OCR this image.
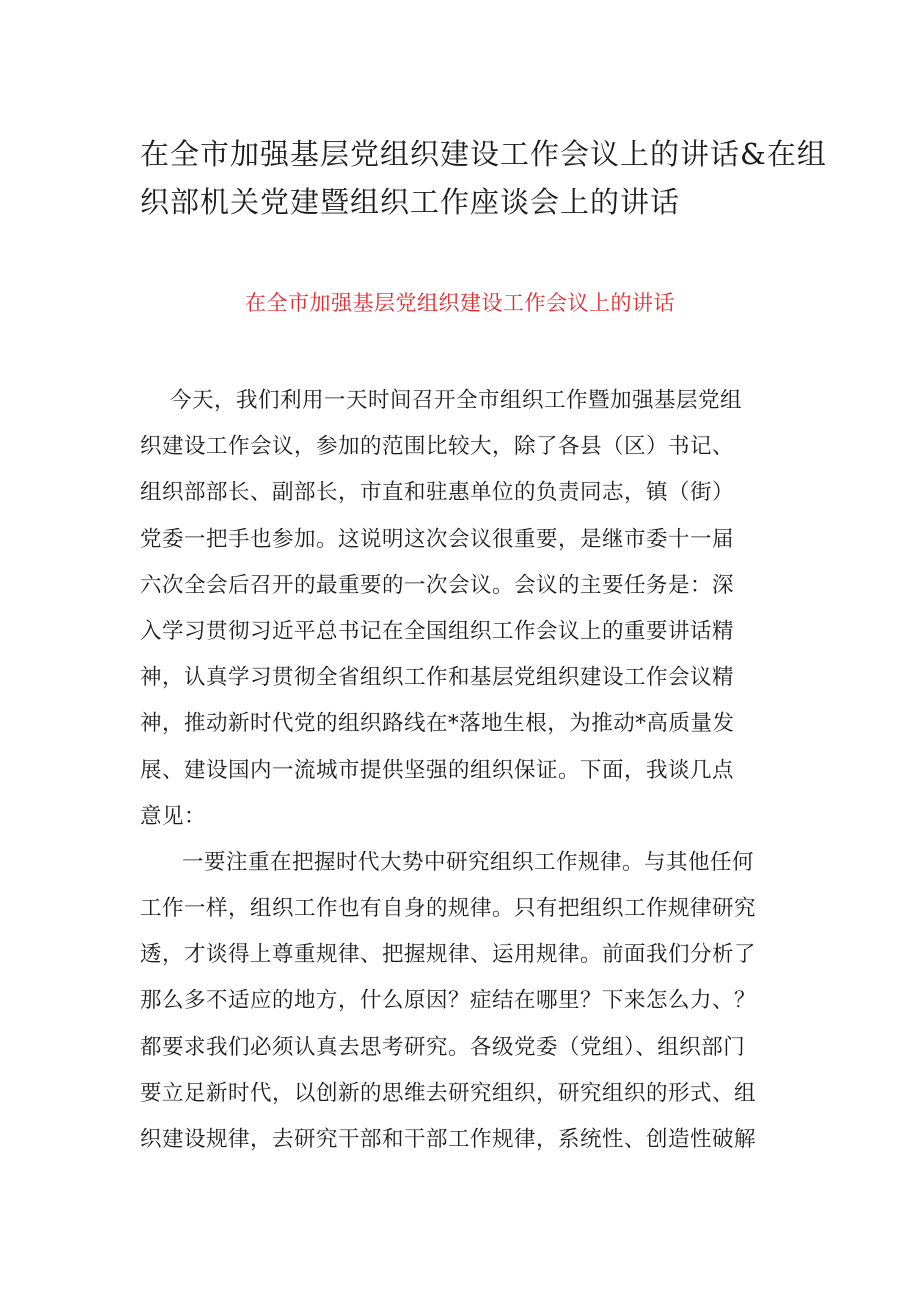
在全市加强基层党组织建设工作会议上的讲话&在组
织部机关党建暨组织工作座谈会上的讲话
在全市加强基层党组织建设工作会议上的讲话
今天，我们利用一天时间召开全市组织工作暨加强基层党组
织建设工作会议，参加的范围比较大，除了各县（区）书记、
组织部部长、副部长，市直和驻惠单位的负责同志，镇（街）
党委一把手也参加。这说明这次会议很重要，是继市委十一届
六次全会后召开的最重要的一次会议。会议的主要任务是：深
入学习贯彻习近平总书记在全国组织工作会议上的重要讲话精
神，认真学习贯彻全省组织工作和基层党组织建设工作会议精
神，推动新时代党的组织路线在*落地生根，为推动*高质量发
展、建设国内一流城市提供坚强的组织保证。下面，我谈几点
意见：
一要注重在把握时代大势中研究组织工作规律。与其他任何
工作一样，组织工作也有自身的规律。只有把组织工作规律研究
透，才谈得上尊重规律、把握规律、运用规律。前面我们分析了
那么多不适应的地方，什么原因？症结在哪里？下来怎么力、？
都要求我们必须认真去思考研究。各级党委（党组）、组织部门
要立足新时代，以创新的思维去研究组织，研究组织的形式、组
织建设规律，去研究干部和干部工作规律，系统性、创造性破解
